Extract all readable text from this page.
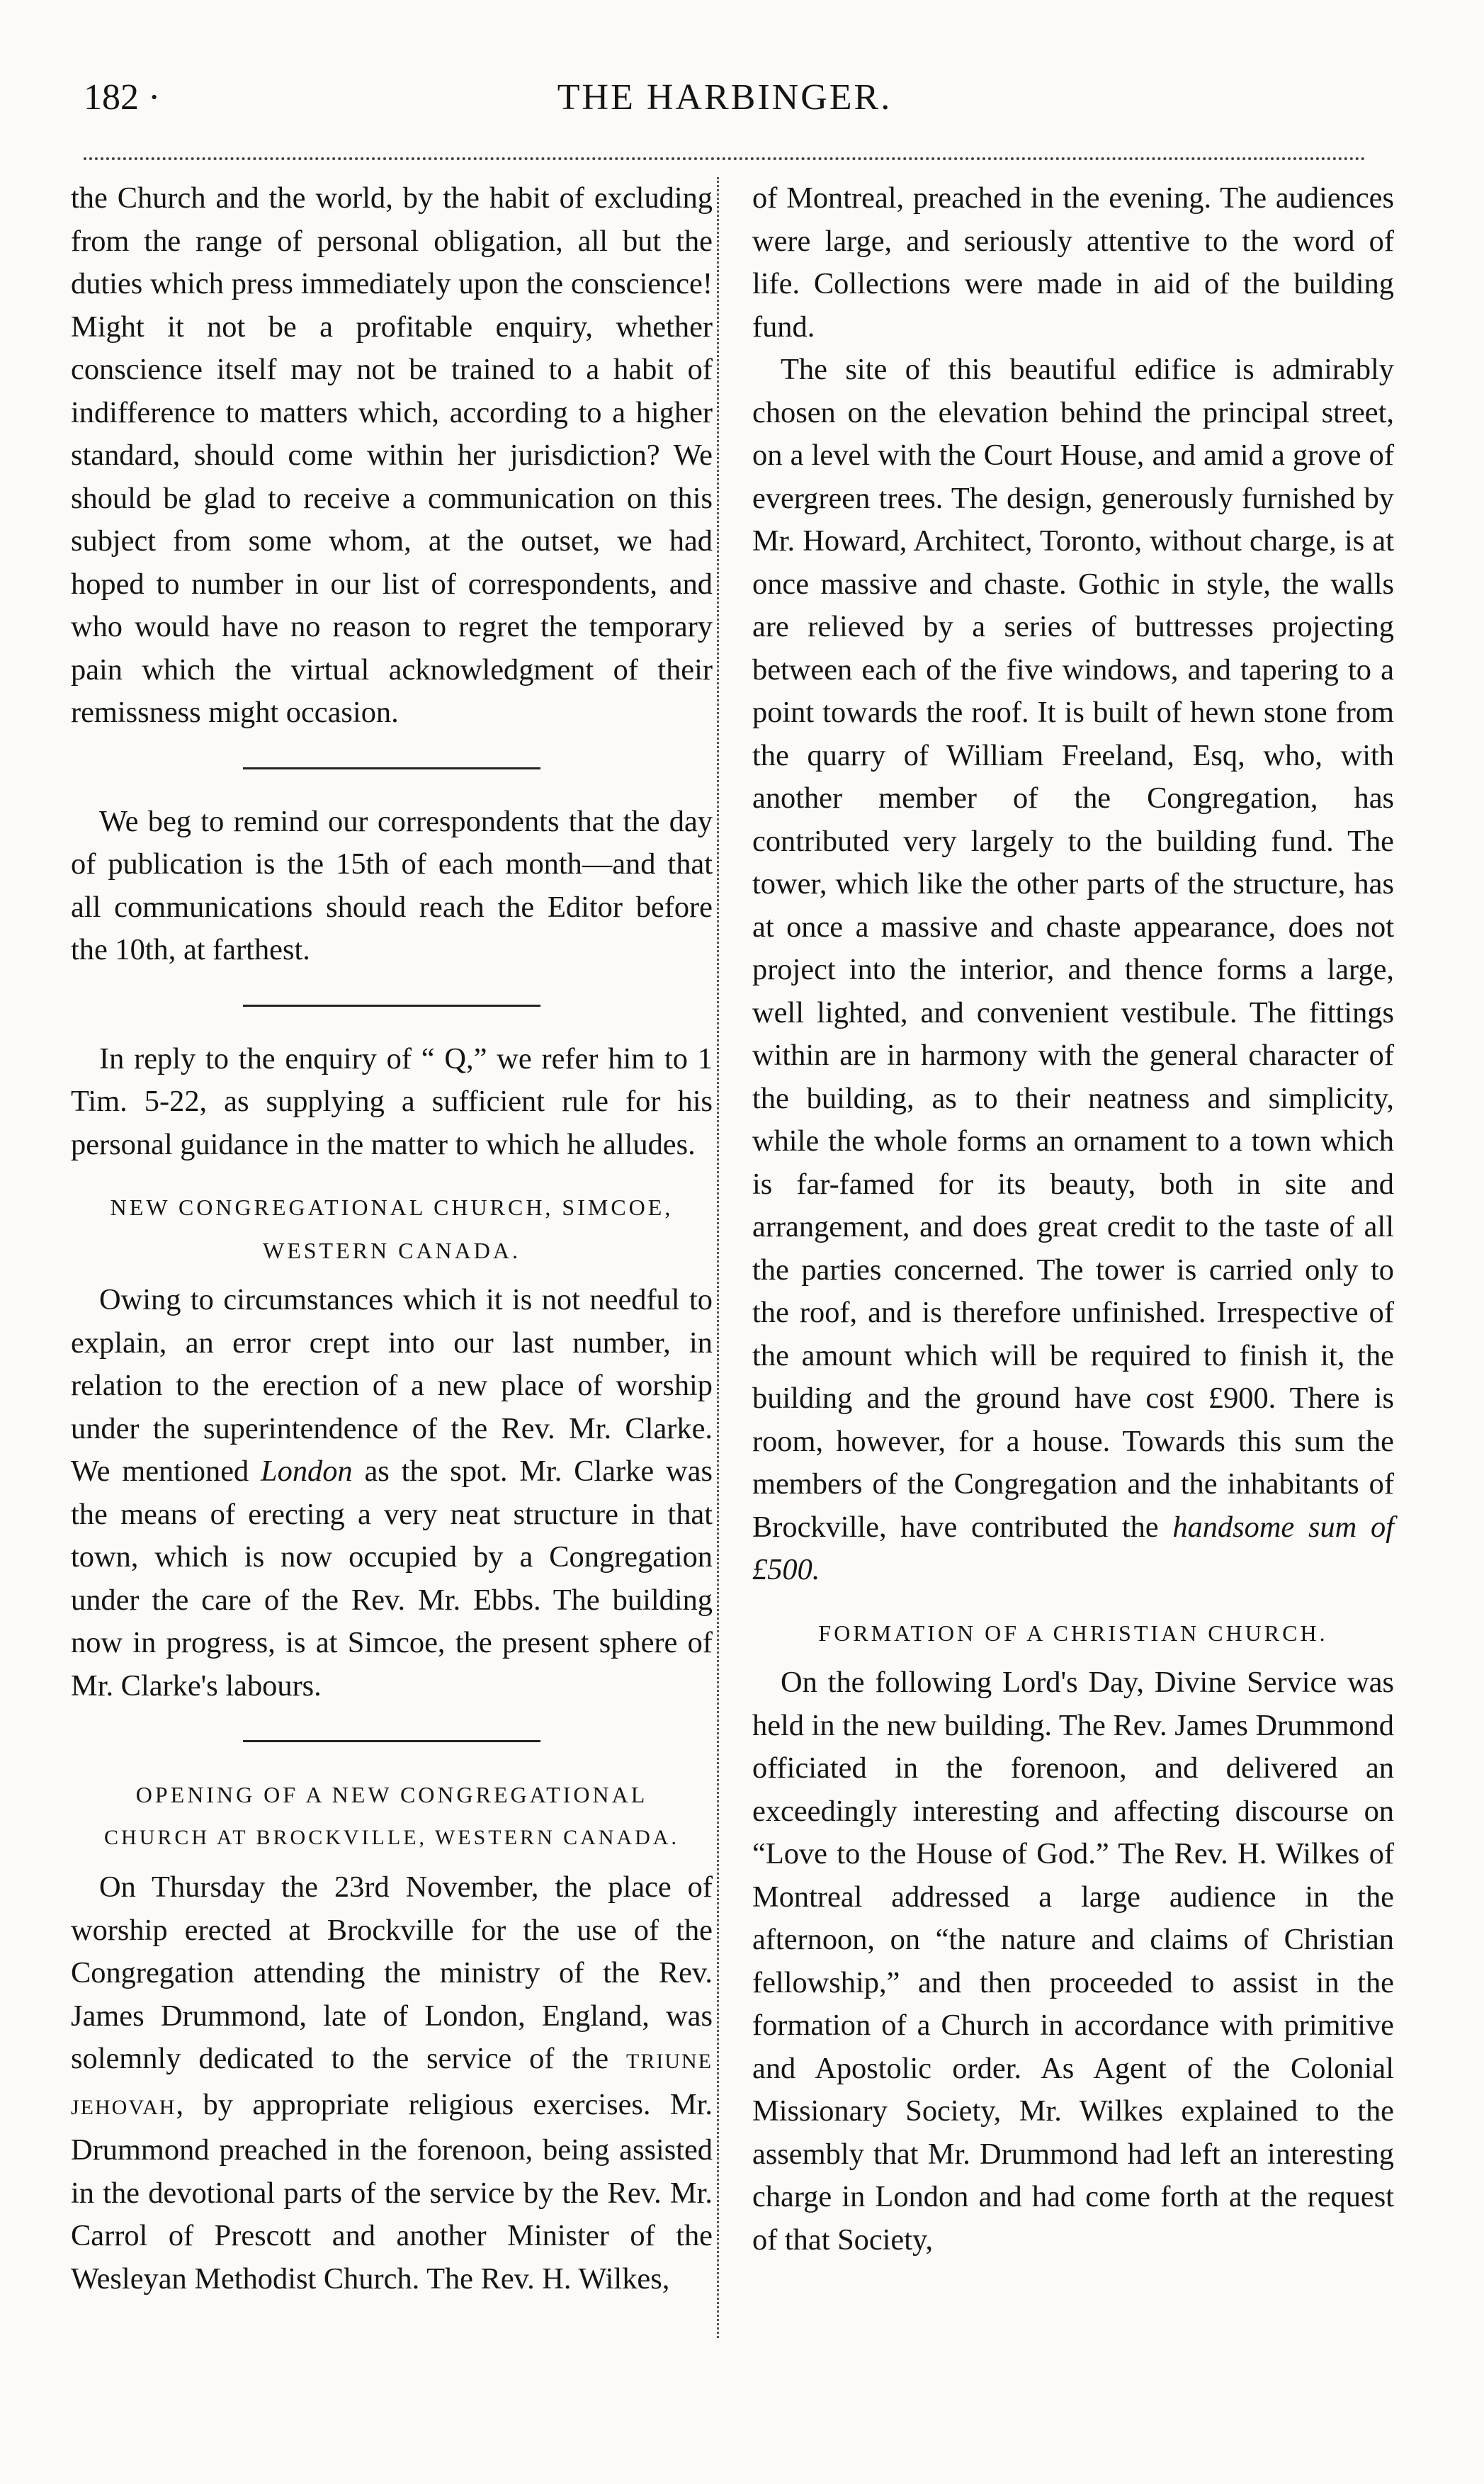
182 ·	THE HARBINGER.

the Church and the world, by the habit of excluding from the range of personal obligation, all but the duties which press immediately upon the conscience! Might it not be a profitable enquiry, whether conscience itself may not be trained to a habit of indifference to matters which, according to a higher standard, should come within her jurisdiction? We should be glad to receive a communication on this subject from some whom, at the outset, we had hoped to number in our list of correspondents, and who would have no reason to regret the temporary pain which the virtual acknowledgment of their remissness might occasion.

We beg to remind our correspondents that the day of publication is the 15th of each month—and that all communications should reach the Editor before the 10th, at farthest.

In reply to the enquiry of “ Q,” we refer him to 1 Tim. 5-22, as supplying a sufficient rule for his personal guidance in the matter to which he alludes.

NEW CONGREGATIONAL CHURCH, SIMCOE,
WESTERN CANADA.

Owing to circumstances which it is not needful to explain, an error crept into our last number, in relation to the erection of a new place of worship under the superintendence of the Rev. Mr. Clarke. We mentioned London as the spot. Mr. Clarke was the means of erecting a very neat structure in that town, which is now occupied by a Congregation under the care of the Rev. Mr. Ebbs. The building now in progress, is at Simcoe, the present sphere of Mr. Clarke's labours.

OPENING OF A NEW CONGREGATIONAL
CHURCH AT BROCKVILLE, WESTERN CANADA.

On Thursday the 23rd November, the place of worship erected at Brockville for the use of the Congregation attending the ministry of the Rev. James Drummond, late of London, England, was solemnly dedicated to the service of the TRIUNE JEHOVAH, by appropriate religious exercises. Mr. Drummond preached in the forenoon, being assisted in the devotional parts of the service by the Rev. Mr. Carrol of Prescott and another Minister of the Wesleyan Methodist Church. The Rev. H. Wilkes,

of Montreal, preached in the evening. The audiences were large, and seriously attentive to the word of life. Collections were made in aid of the building fund.

The site of this beautiful edifice is admirably chosen on the elevation behind the principal street, on a level with the Court House, and amid a grove of evergreen trees. The design, generously furnished by Mr. Howard, Architect, Toronto, without charge, is at once massive and chaste. Gothic in style, the walls are relieved by a series of buttresses projecting between each of the five windows, and tapering to a point towards the roof. It is built of hewn stone from the quarry of William Freeland, Esq, who, with another member of the Congregation, has contributed very largely to the building fund. The tower, which like the other parts of the structure, has at once a massive and chaste appearance, does not project into the interior, and thence forms a large, well lighted, and convenient vestibule. The fittings within are in harmony with the general character of the building, as to their neatness and simplicity, while the whole forms an ornament to a town which is far-famed for its beauty, both in site and arrangement, and does great credit to the taste of all the parties concerned. The tower is carried only to the roof, and is therefore unfinished. Irrespective of the amount which will be required to finish it, the building and the ground have cost £900. There is room, however, for a house. Towards this sum the members of the Congregation and the inhabitants of Brockville, have contributed the handsome sum of £500.

FORMATION OF A CHRISTIAN CHURCH.

On the following Lord's Day, Divine Service was held in the new building. The Rev. James Drummond officiated in the forenoon, and delivered an exceedingly interesting and affecting discourse on “Love to the House of God.” The Rev. H. Wilkes of Montreal addressed a large audience in the afternoon, on “the nature and claims of Christian fellowship,” and then proceeded to assist in the formation of a Church in accordance with primitive and Apostolic order. As Agent of the Colonial Missionary Society, Mr. Wilkes explained to the assembly that Mr. Drummond had left an interesting charge in London and had come forth at the request of that Society,
